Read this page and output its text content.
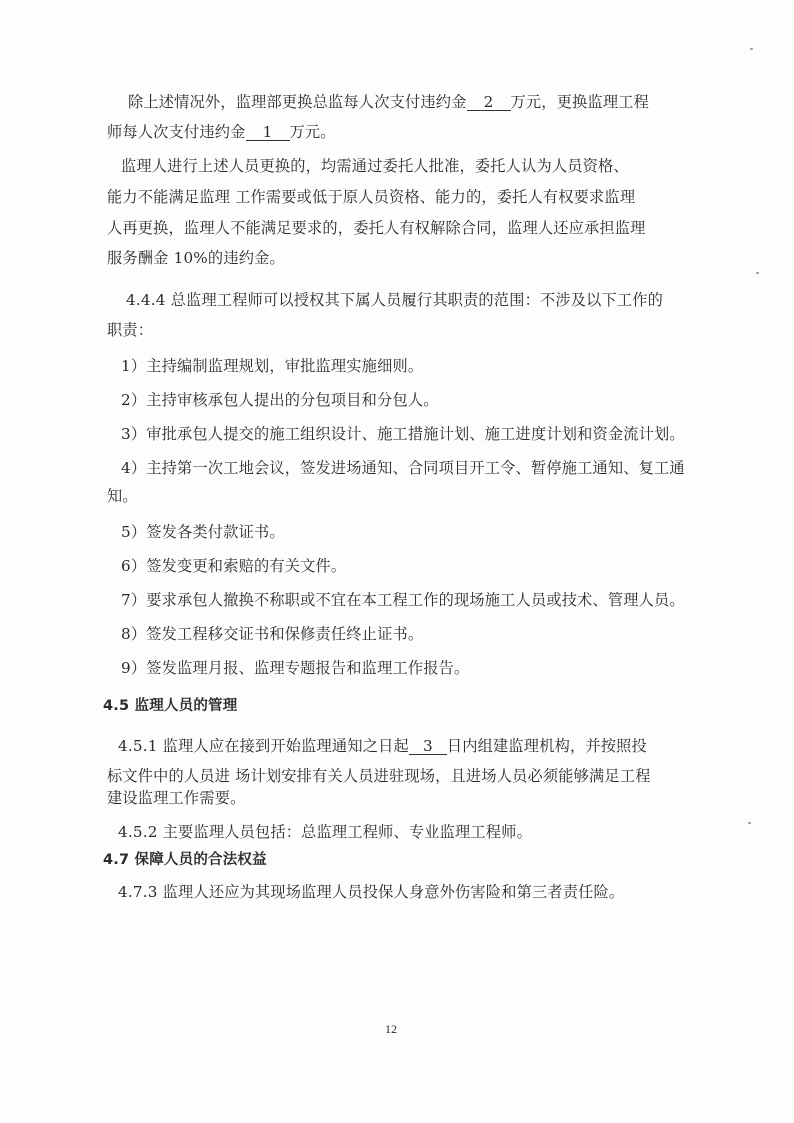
除上述情况外，监理部更换总监每人次支付违约金 2 万元，更换监理工程
师每人次支付违约金 1 万元。
监理人进行上述人员更换的，均需通过委托人批准，委托人认为人员资格、
能力不能满足监理 工作需要或低于原人员资格、能力的，委托人有权要求监理
人再更换，监理人不能满足要求的，委托人有权解除合同，监理人还应承担监理
服务酬金 10%的违约金。
4.4.4 总监理工程师可以授权其下属人员履行其职责的范围：不涉及以下工作的
职责：
1）主持编制监理规划，审批监理实施细则。
2）主持审核承包人提出的分包项目和分包人。
3）审批承包人提交的施工组织设计、施工措施计划、施工进度计划和资金流计划。
4）主持第一次工地会议，签发进场通知、合同项目开工令、暂停施工通知、复工通
知。
5）签发各类付款证书。
6）签发变更和索赔的有关文件。
7）要求承包人撤换不称职或不宜在本工程工作的现场施工人员或技术、管理人员。
8）签发工程移交证书和保修责任终止证书。
9）签发监理月报、监理专题报告和监理工作报告。
4.5 监理人员的管理
4.5.1 监理人应在接到开始监理通知之日起 3 日内组建监理机构，并按照投
标文件中的人员进 场计划安排有关人员进驻现场，且进场人员必须能够满足工程
建设监理工作需要。
4.5.2 主要监理人员包括：总监理工程师、专业监理工程师。
4.7 保障人员的合法权益
4.7.3 监理人还应为其现场监理人员投保人身意外伤害险和第三者责任险。
12
